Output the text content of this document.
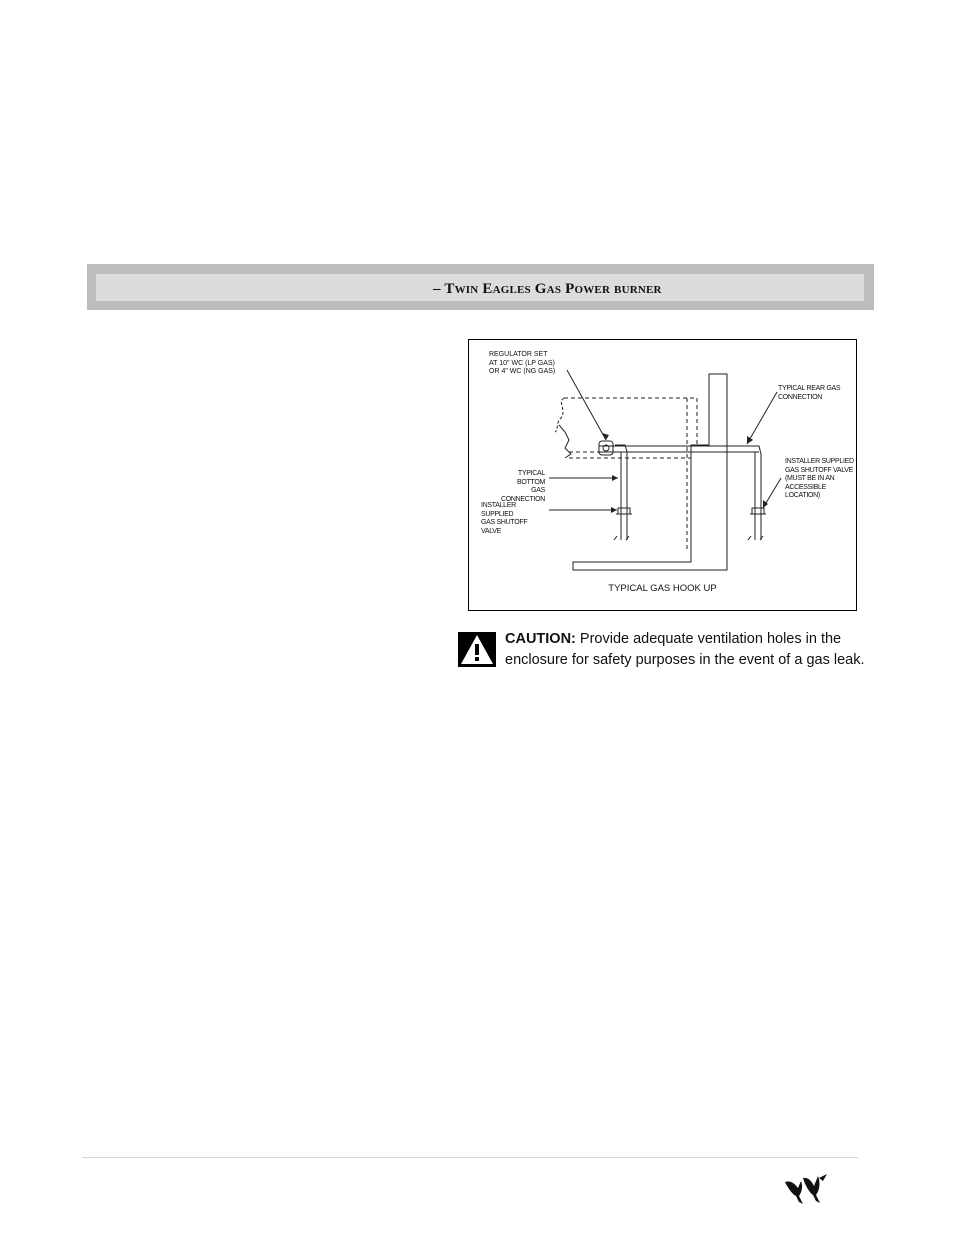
– Twin Eagles Gas Power burner
REGULATOR SET
AT 10" WC (LP GAS)
OR 4" WC (NG GAS)
TYPICAL REAR GAS
CONNECTION
TYPICAL BOTTOM
GAS CONNECTION
INSTALLER SUPPLIED
GAS SHUTOFF VALVE
INSTALLER SUPPLIED
GAS SHUTOFF VALVE
(MUST BE IN AN
ACCESSIBLE LOCATION)
TYPICAL GAS HOOK UP
CAUTION: Provide adequate ventilation holes in the enclosure for safety purposes in the event of a gas leak.
